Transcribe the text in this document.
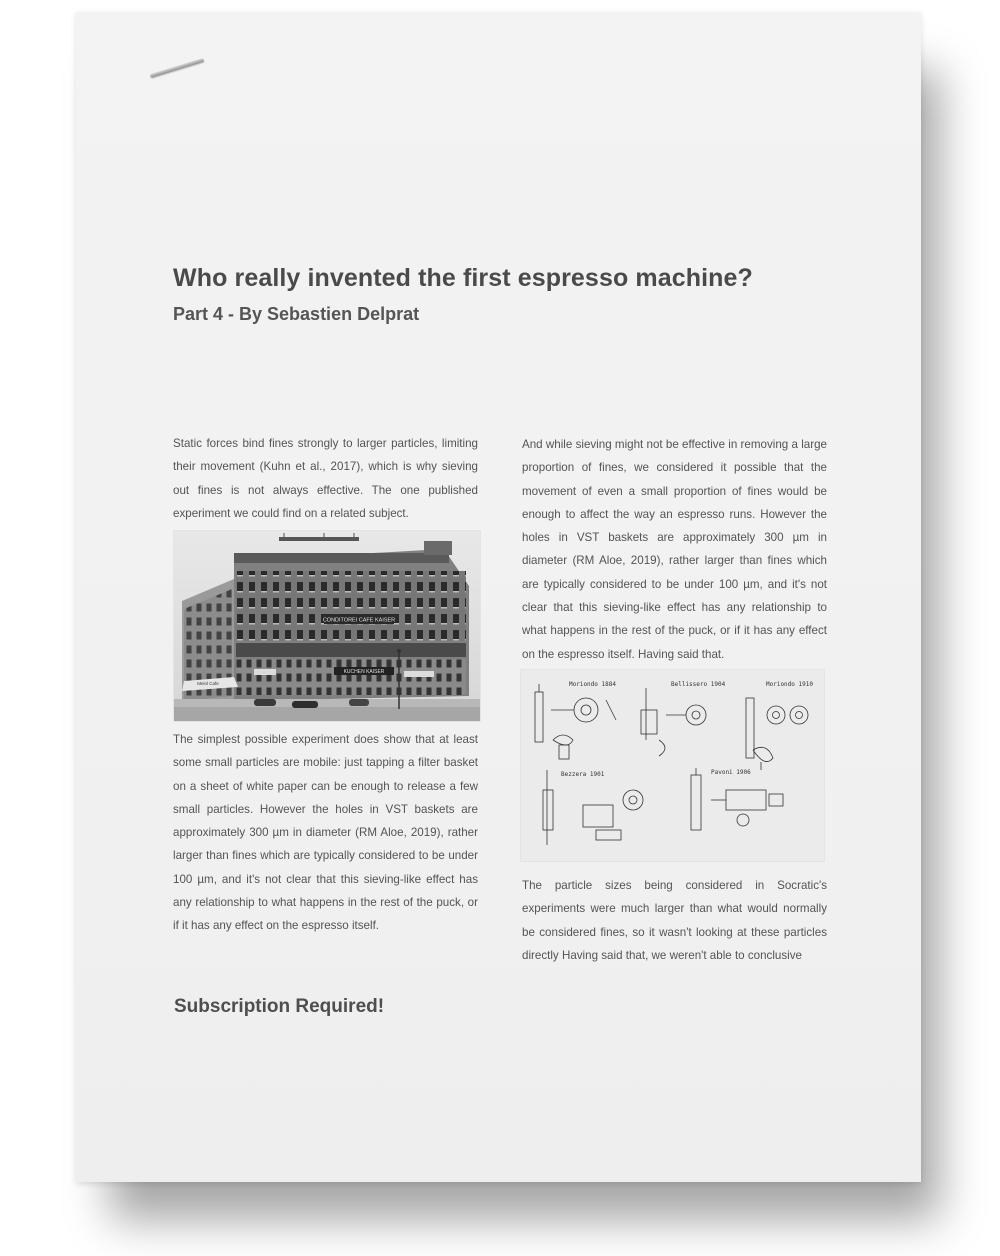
Who really invented the first espresso machine?
Part 4 - By Sebastien Delprat

Static forces bind fines strongly to larger particles, limiting their movement (Kuhn et al., 2017), which is why sieving out fines is not always effective. The one published experiment we could find on a related subject.

CONDITOREI CAFE KAISER
KUCHEN KAISER
Meinl Cafe

The simplest possible experiment does show that at least some small particles are mobile: just tapping a filter basket on a sheet of white paper can be enough to release a few small particles. However the holes in VST baskets are approximately 300 µm in diameter (RM Aloe, 2019), rather larger than fines which are typically considered to be under 100 µm, and it's not clear that this sieving-like effect has any relationship to what happens in the rest of the puck, or if it has any effect on the espresso itself.

And while sieving might not be effective in removing a large proportion of fines, we considered it possible that the movement of even a small proportion of fines would be enough to affect the way an espresso runs. However the holes in VST baskets are approximately 300 µm in diameter (RM Aloe, 2019), rather larger than fines which are typically considered to be under 100 µm, and it's not clear that this sieving-like effect has any relationship to what happens in the rest of the puck, or if it has any effect on the espresso itself. Having said that.

Moriondo 1884	Bellissero 1904	Moriondo 1910
Bezzera 1901	Pavoni 1906

The particle sizes being considered in Socratic's experiments were much larger than what would normally be considered fines, so it wasn't looking at these particles directly Having said that, we weren't able to conclusive

Subscription Required!
